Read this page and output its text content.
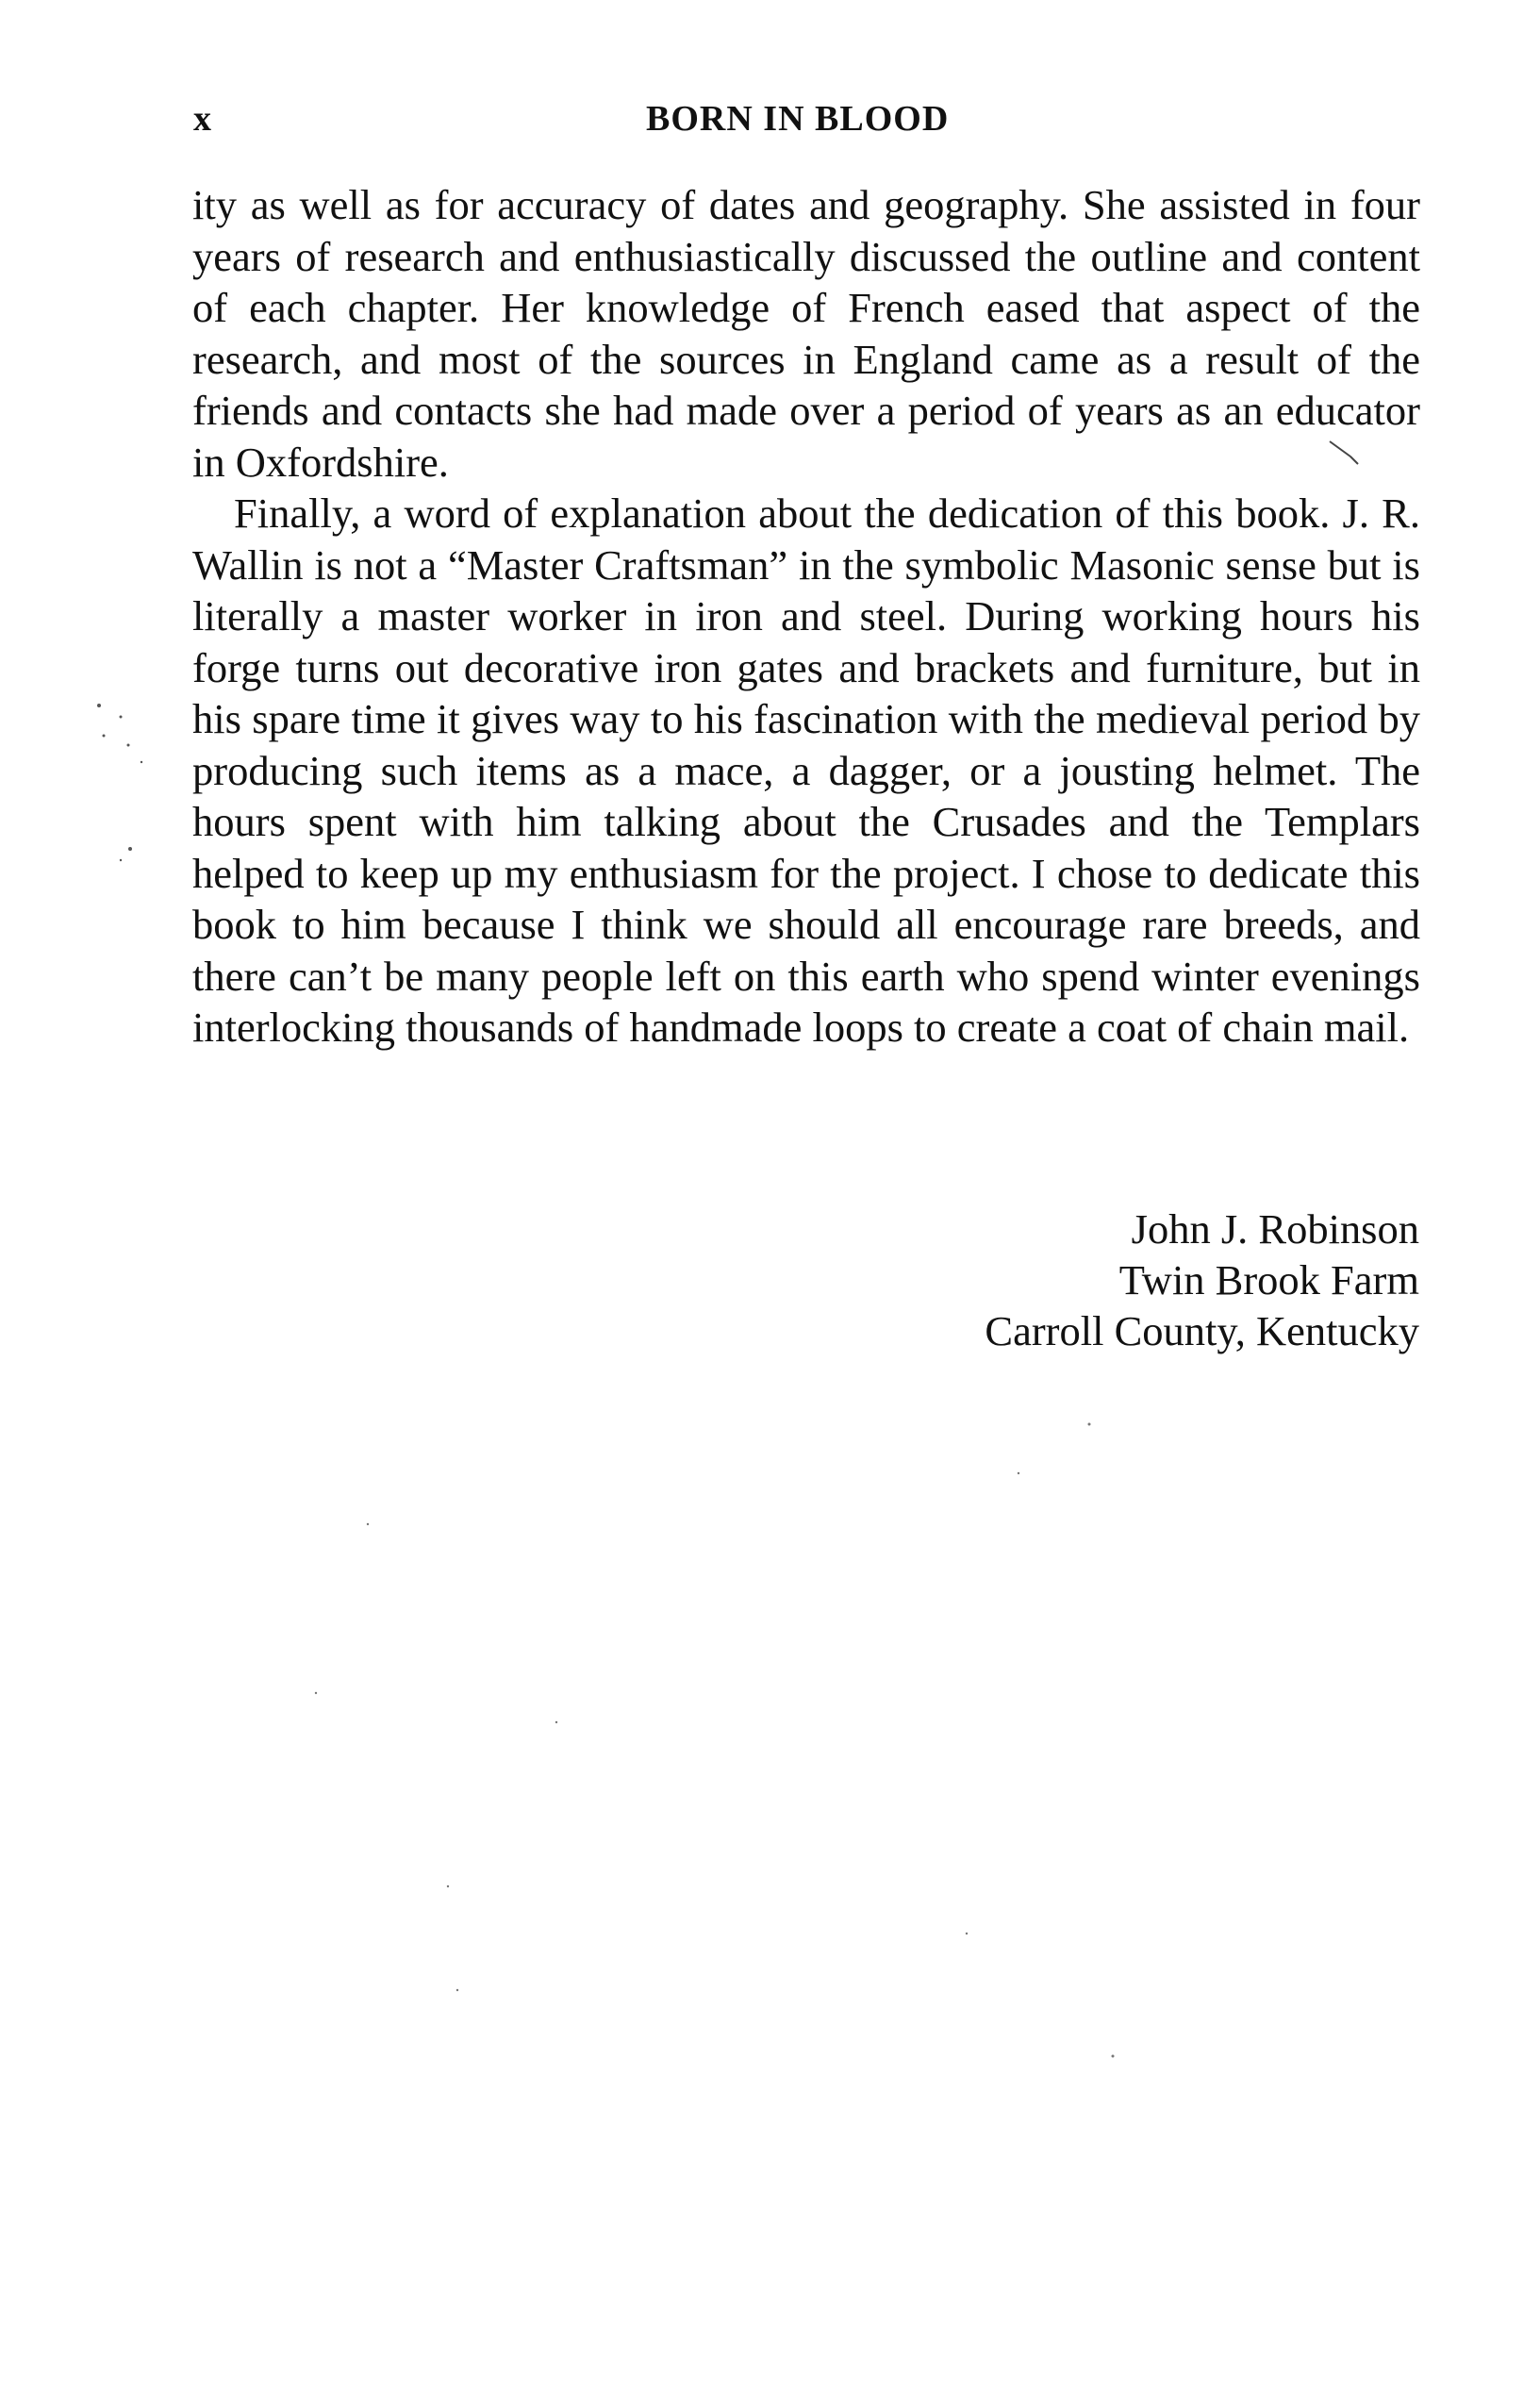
x	BORN IN BLOOD

ity as well as for accuracy of dates and geography. She assisted in four years of research and enthusiastically discussed the outline and content of each chapter. Her knowledge of French eased that aspect of the research, and most of the sources in England came as a result of the friends and contacts she had made over a period of years as an educator in Oxfordshire.

Finally, a word of explanation about the dedication of this book. J. R. Wallin is not a “Master Craftsman” in the symbolic Masonic sense but is literally a master worker in iron and steel. During working hours his forge turns out decorative iron gates and brackets and furniture, but in his spare time it gives way to his fascination with the medieval period by producing such items as a mace, a dagger, or a jousting helmet. The hours spent with him talking about the Crusades and the Templars helped to keep up my enthusiasm for the project. I chose to dedicate this book to him because I think we should all encourage rare breeds, and there can’t be many people left on this earth who spend winter evenings interlocking thousands of handmade loops to create a coat of chain mail.

John J. Robinson
Twin Brook Farm
Carroll County, Kentucky
